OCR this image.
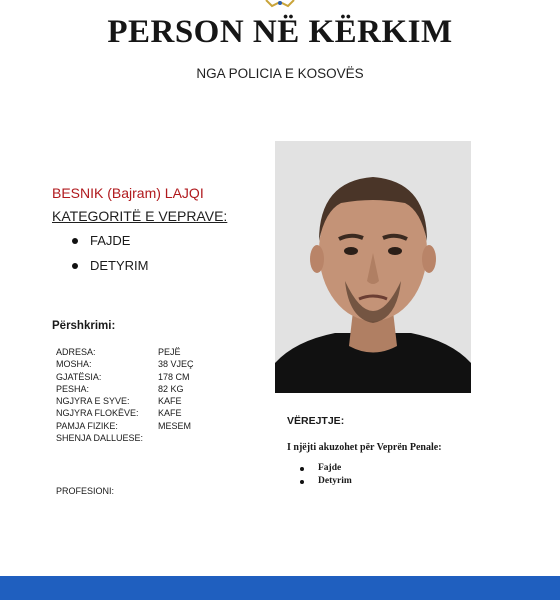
PERSON NË KËRKIM
NGA POLICIA E KOSOVËS
BESNIK (Bajram) LAJQI
KATEGORITË E VEPRAVE:
FAJDE
DETYRIM
Përshkrimi:
ADRESA:	PEJË
MOSHA:	38 VJEÇ
GJATËSIA:	178 CM
PESHA:	82 KG
NGJYRA E SYVE:	KAFE
NGJYRA FLOKËVE:	KAFE
PAMJA FIZIKE:	MESEM
SHENJA DALLUESE:	
PROFESIONI:
VËREJTJE:
I njëjti akuzohet për Veprën Penale:
Fajde
Detyrim
